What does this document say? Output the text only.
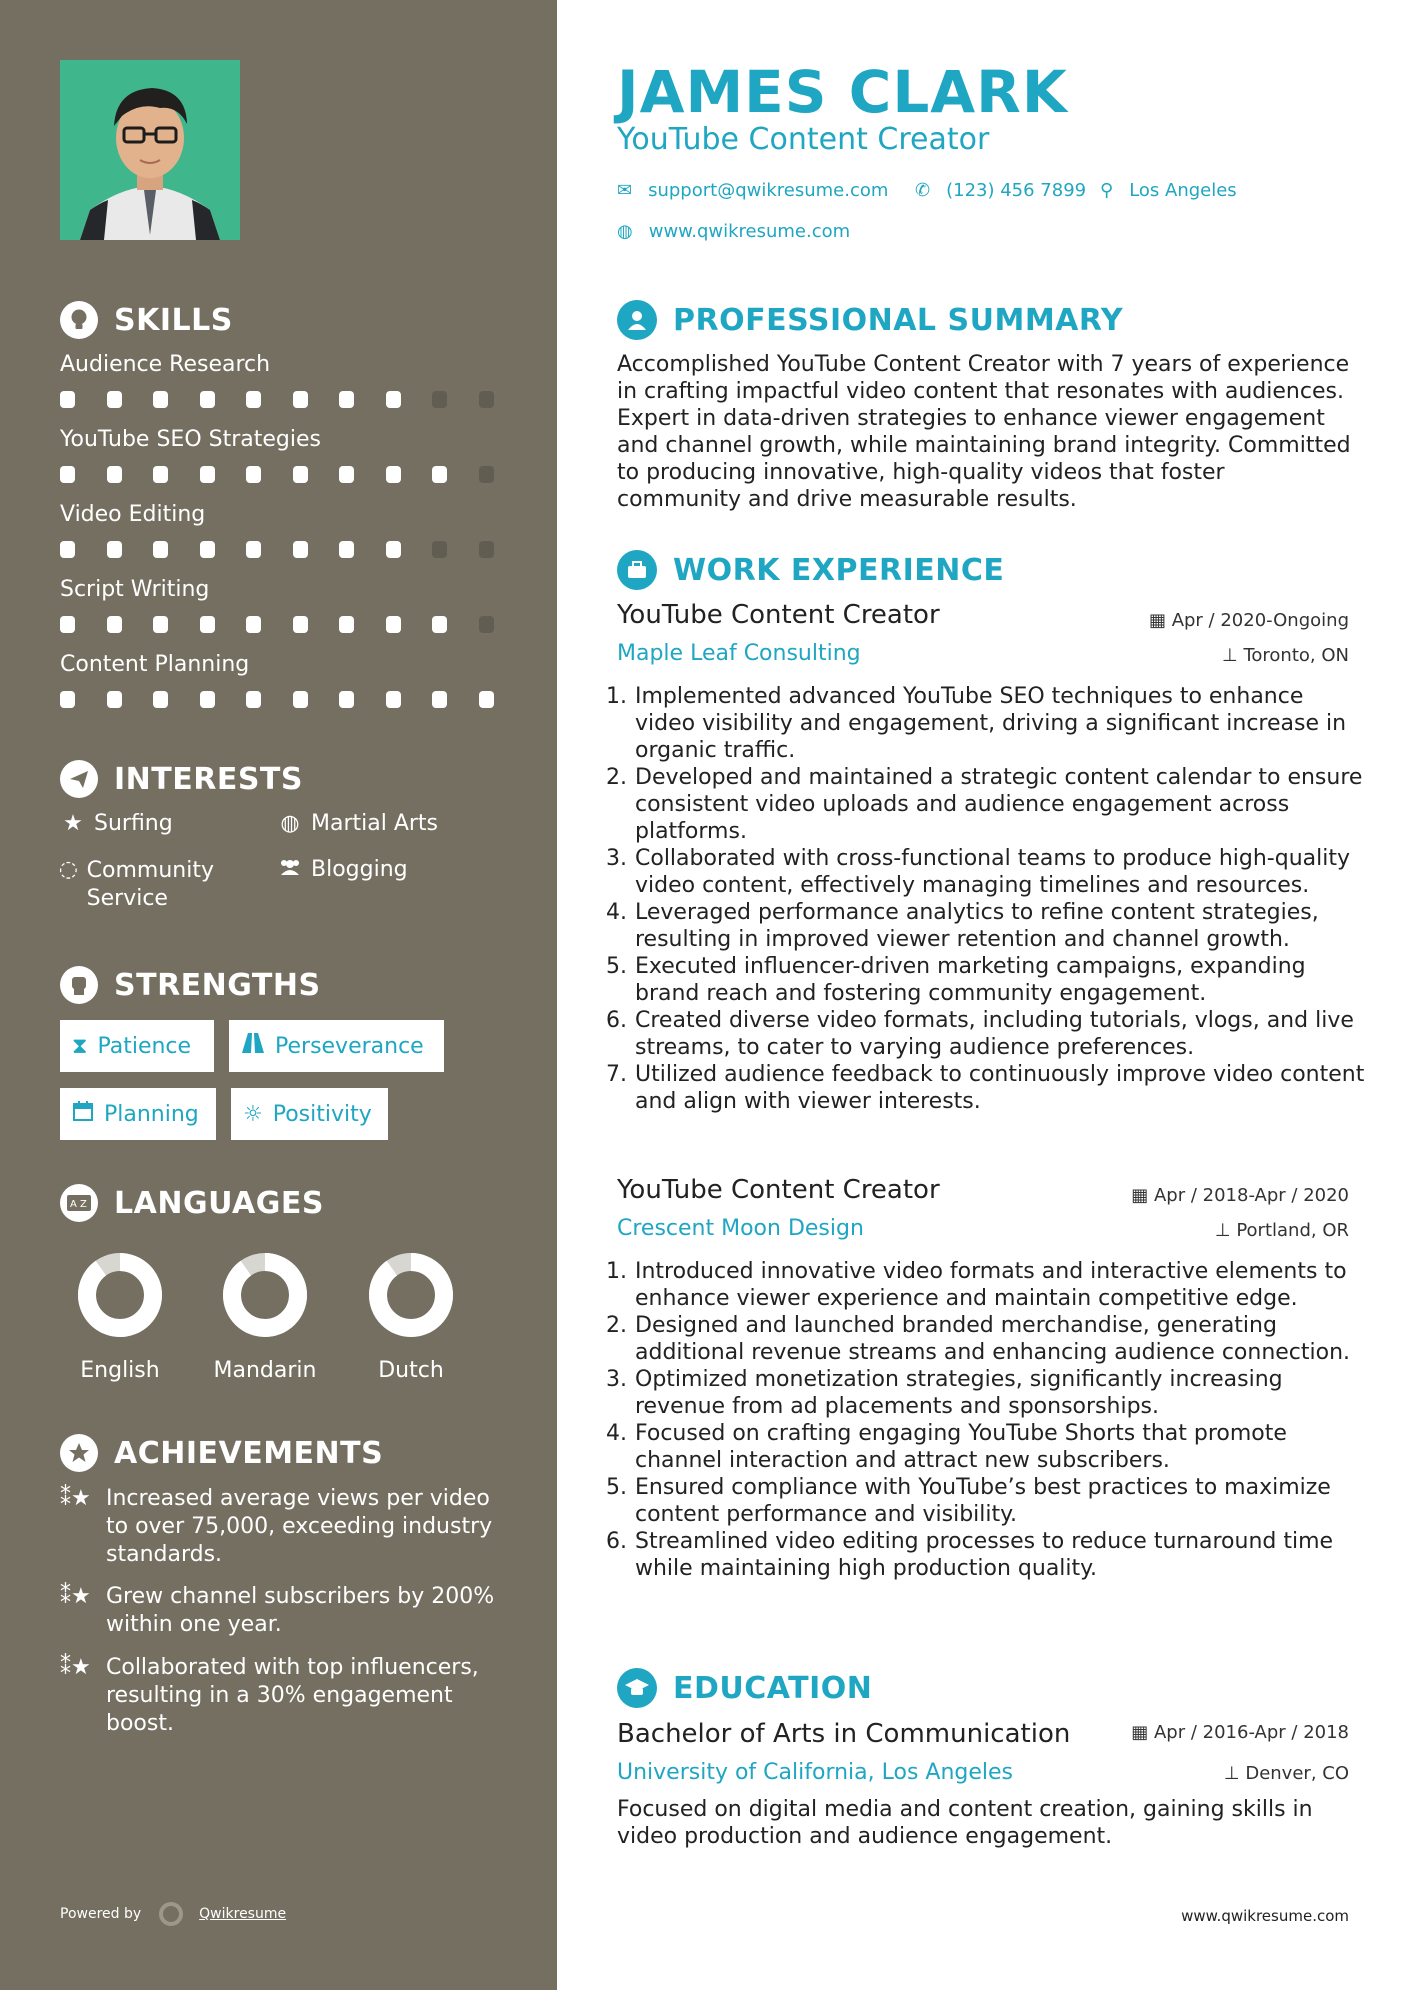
SKILLS
Audience Research
YouTube SEO Strategies
Video Editing
Script Writing
Content Planning
INTERESTS
★ Surfing	◍ Martial Arts
◌ Community Service
Blogging
STRENGTHS
⧗ Patience	Perseverance
Planning ☼ Positivity
A Z LANGUAGES
English	Mandarin	Dutch
ACHIEVEMENTS
⁑★ Increased average views per video to over 75,000, exceeding industry standards.
⁑★ Grew channel subscribers by 200% within one year.
⁑★ Collaborated with top influencers, resulting in a 30% engagement boost.
Powered by	Qwikresume
JAMES CLARK
YouTube Content Creator
✉ support@qwikresume.com ✆ (123) 456 7899 ⚲ Los Angeles
◍ www.qwikresume.com
PROFESSIONAL SUMMARY
Accomplished YouTube Content Creator with 7 years of experience in crafting impactful video content that resonates with audiences. Expert in data-driven strategies to enhance viewer engagement and channel growth, while maintaining brand integrity. Committed to producing innovative, high-quality videos that foster community and drive measurable results.
WORK EXPERIENCE
YouTube Content Creator	▦ Apr / 2020-Ongoing
Maple Leaf Consulting	⊥ Toronto, ON
1. Implemented advanced YouTube SEO techniques to enhance video visibility and engagement, driving a significant increase in organic traffic.
2. Developed and maintained a strategic content calendar to ensure consistent video uploads and audience engagement across platforms.
3. Collaborated with cross-functional teams to produce high-quality video content, effectively managing timelines and resources.
4. Leveraged performance analytics to refine content strategies, resulting in improved viewer retention and channel growth.
5. Executed influencer-driven marketing campaigns, expanding brand reach and fostering community engagement.
6. Created diverse video formats, including tutorials, vlogs, and live streams, to cater to varying audience preferences.
7. Utilized audience feedback to continuously improve video content and align with viewer interests.
YouTube Content Creator	▦ Apr / 2018-Apr / 2020
Crescent Moon Design	⊥ Portland, OR
1. Introduced innovative video formats and interactive elements to enhance viewer experience and maintain competitive edge.
2. Designed and launched branded merchandise, generating additional revenue streams and enhancing audience connection.
3. Optimized monetization strategies, significantly increasing revenue from ad placements and sponsorships.
4. Focused on crafting engaging YouTube Shorts that promote channel interaction and attract new subscribers.
5. Ensured compliance with YouTube’s best practices to maximize content performance and visibility.
6. Streamlined video editing processes to reduce turnaround time while maintaining high production quality.
EDUCATION
Bachelor of Arts in Communication	▦ Apr / 2016-Apr / 2018
University of California, Los Angeles	⊥ Denver, CO
Focused on digital media and content creation, gaining skills in video production and audience engagement.
www.qwikresume.com
